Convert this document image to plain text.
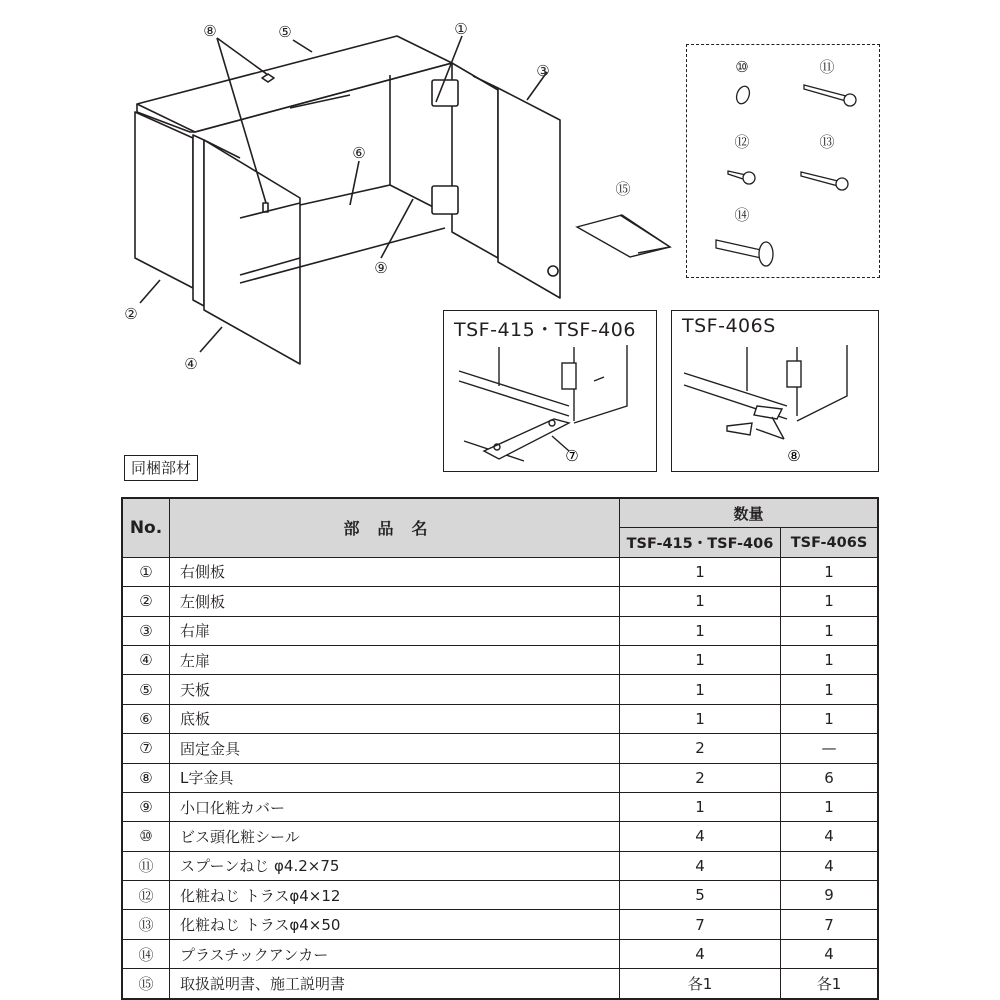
⑧	⑤	①
③
⑥
⑨
②
④
⑮
⑩	⑪
⑫	⑬
⑭
TSF-415・TSF-406
⑦
TSF-406S
⑧
同梱部材
No.	部品名	数量	
		TSF-415・TSF-406	TSF-406S
①	右側板	1	1
②	左側板	1	1
③	右扉	1	1
④	左扉	1	1
⑤	天板	1	1
⑥	底板	1	1
⑦	固定金具	2	—
⑧	L字金具	2	6
⑨	小口化粧カバー	1	1
⑩	ビス頭化粧シール	4	4
⑪	スプーンねじ φ4.2×75	4	4
⑫	化粧ねじ トラスφ4×12	5	9
⑬	化粧ねじ トラスφ4×50	7	7
⑭	プラスチックアンカー	4	4
⑮	取扱説明書、施工説明書	各1	各1
